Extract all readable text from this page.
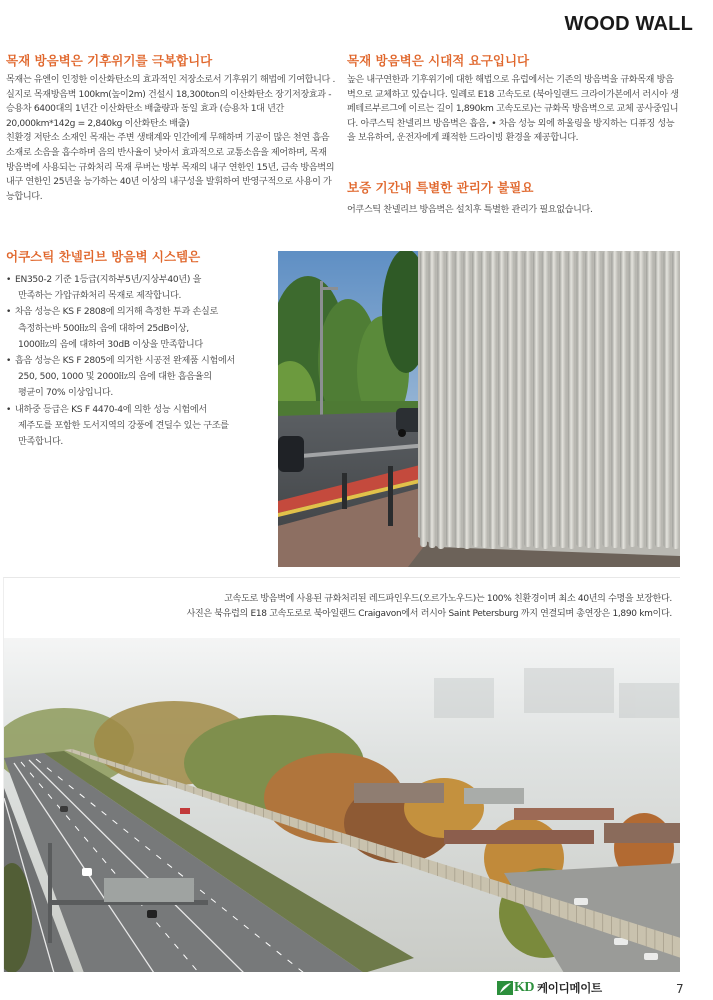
WOOD WALL
목재 방음벽은 기후위기를 극복합니다

목재는 유엔이 인정한 이산화탄소의 효과적인 저장소로서 기후위기 해법에 기여합니다 . 실지로 목재방음벽 100km(높이2m) 건설시 18,300ton의 이산화탄소 장기저장효과 - 승용차 6400대의 1년간 이산화탄소 배출량과 동일 효과 (승용차 1대 년간 20,000km*142g = 2,840kg 이산화탄소 배출)

친환경 저탄소 소재인 목재는 주변 생태계와 인간에게 무해하며 기공이 많은 천연 흡음 소재로 소음을 흡수하며 음의 반사율이 낮아서 효과적으로 교통소음을 제어하며, 목재 방음벽에 사용되는 규화처리 목재 루버는 방부 목재의 내구 연한인 15년, 금속 방음벽의 내구 연한인 25년을 능가하는 40년 이상의 내구성을 발휘하여 반영구적으로 사용이 가능합니다.

목재 방음벽은 시대적 요구입니다

높은 내구연한과 기후위기에 대한 해법으로 유럽에서는 기존의 방음벽을 규화목재 방음벽으로 교체하고 있습니다. 일례로 E18 고속도로 (북아일랜드 크라이가본에서 러시아 생페테르부르그에 이르는 길이 1,890km 고속도로)는 규화목 방음벽으로 교체 공사중입니다. 아쿠스틱 찬넬리브 방음벽은 흡음, • 차음 성능 외에 하울링을 방지하는 디퓨징 성능을 보유하여, 운전자에게 쾌적한 드라이빙 환경을 제공합니다.

보증 기간내 특별한 관리가 불필요

어쿠스틱 찬넬리브 방음벽은 설치후 특별한 관리가 필요없습니다.

어쿠스틱 찬넬리브 방음벽 시스템은
• EN350-2 기준 1등급(지하부5년/지상부40년) 을
만족하는 가압규화처리 목재로 제작합니다.
• 차음 성능은 KS F 2808에 의거해 측정한 투과 손실로
측정하는바 500㎐의 음에 대하여 25dB이상,
1000㎐의 음에 대하여 30dB 이상을 만족합니다
• 흡음 성능은 KS F 2805에 의거한 시공전 완제품 시험에서
250, 500, 1000 및 2000㎐의 음에 대한 흡음율의
평균이 70% 이상입니다.
• 내하중 등급은 KS F 4470-4에 의한 성능 시험에서
제주도를 포함한 도서지역의 강풍에 견딜수 있는 구조를
만족합니다.
고속도로 방음벽에 사용된 규화처리된 레드파인우드(오르가노우드)는 100% 친환경이며 최소 40년의 수명을 보장한다.
사진은 북유럽의 E18 고속도로로 북아일랜드 Craigavon에서 러시아 Saint Petersburg 까지 연결되며 총연장은 1,890 km이다.
KD 케이디메이트	7
